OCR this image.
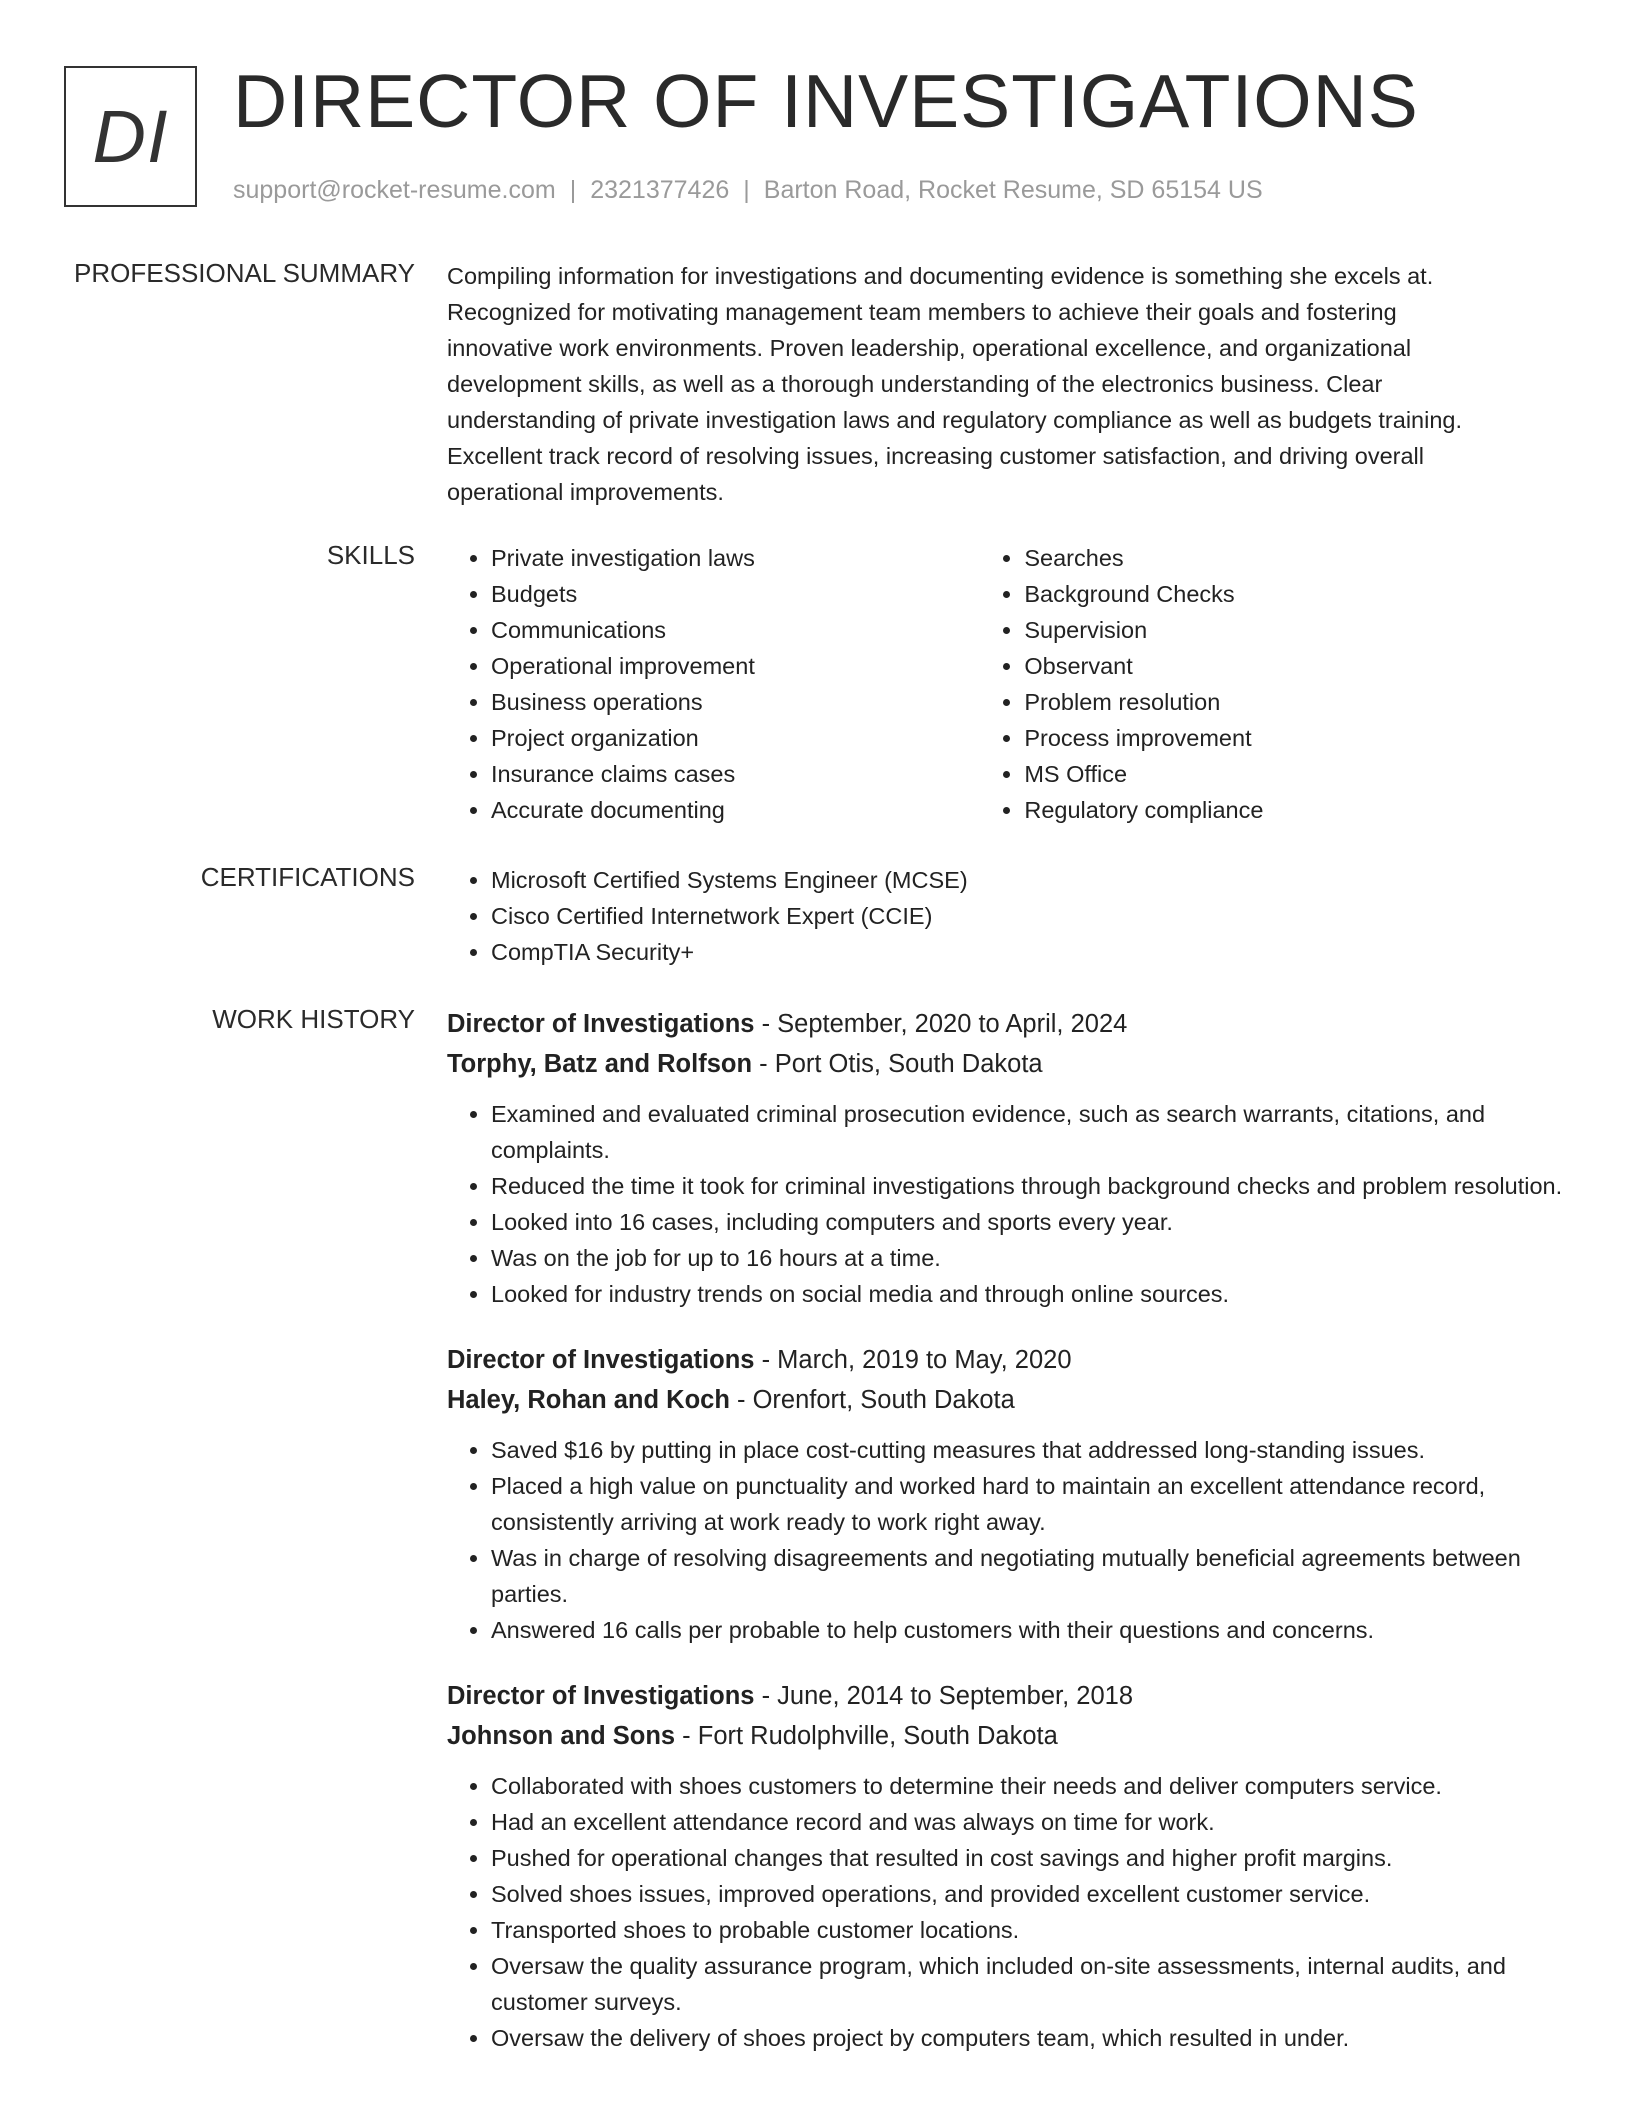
DI DIRECTOR OF INVESTIGATIONS
support@rocket-resume.com | 2321377426 | Barton Road, Rocket Resume, SD 65154 US
PROFESSIONAL SUMMARY Compiling information for investigations and documenting evidence is something she excels at.

Recognized for motivating management team members to achieve their goals and fostering

innovative work environments. Proven leadership, operational excellence, and organizational

development skills, as well as a thorough understanding of the electronics business. Clear

understanding of private investigation laws and regulatory compliance as well as budgets training.

Excellent track record of resolving issues, increasing customer satisfaction, and driving overall

operational improvements.

SKILLS	• Private investigation laws
• Budgets
• Communications
• Operational improvement
• Business operations
• Project organization
• Insurance claims cases
• Accurate documenting
• Searches
• Background Checks
• Supervision
• Observant
• Problem resolution
• Process improvement
• MS Office
• Regulatory compliance
CERTIFICATIONS	• Microsoft Certified Systems Engineer (MCSE)
• Cisco Certified Internetwork Expert (CCIE)
• CompTIA Security+
WORK HISTORY Director of Investigations - September, 2020 to April, 2024
Torphy, Batz and Rolfson - Port Otis, South Dakota
• Examined and evaluated criminal prosecution evidence, such as search warrants, citations, and complaints.
• Reduced the time it took for criminal investigations through background checks and problem resolution.
• Looked into 16 cases, including computers and sports every year.
• Was on the job for up to 16 hours at a time.
• Looked for industry trends on social media and through online sources.
Director of Investigations - March, 2019 to May, 2020
Haley, Rohan and Koch - Orenfort, South Dakota
• Saved $16 by putting in place cost-cutting measures that addressed long-standing issues.
• Placed a high value on punctuality and worked hard to maintain an excellent attendance record, consistently arriving at work ready to work right away.
• Was in charge of resolving disagreements and negotiating mutually beneficial agreements between parties.
• Answered 16 calls per probable to help customers with their questions and concerns.
Director of Investigations - June, 2014 to September, 2018
Johnson and Sons - Fort Rudolphville, South Dakota
• Collaborated with shoes customers to determine their needs and deliver computers service.
• Had an excellent attendance record and was always on time for work.
• Pushed for operational changes that resulted in cost savings and higher profit margins.
• Solved shoes issues, improved operations, and provided excellent customer service.
• Transported shoes to probable customer locations.
• Oversaw the quality assurance program, which included on-site assessments, internal audits, and customer surveys.
• Oversaw the delivery of shoes project by computers team, which resulted in under.
